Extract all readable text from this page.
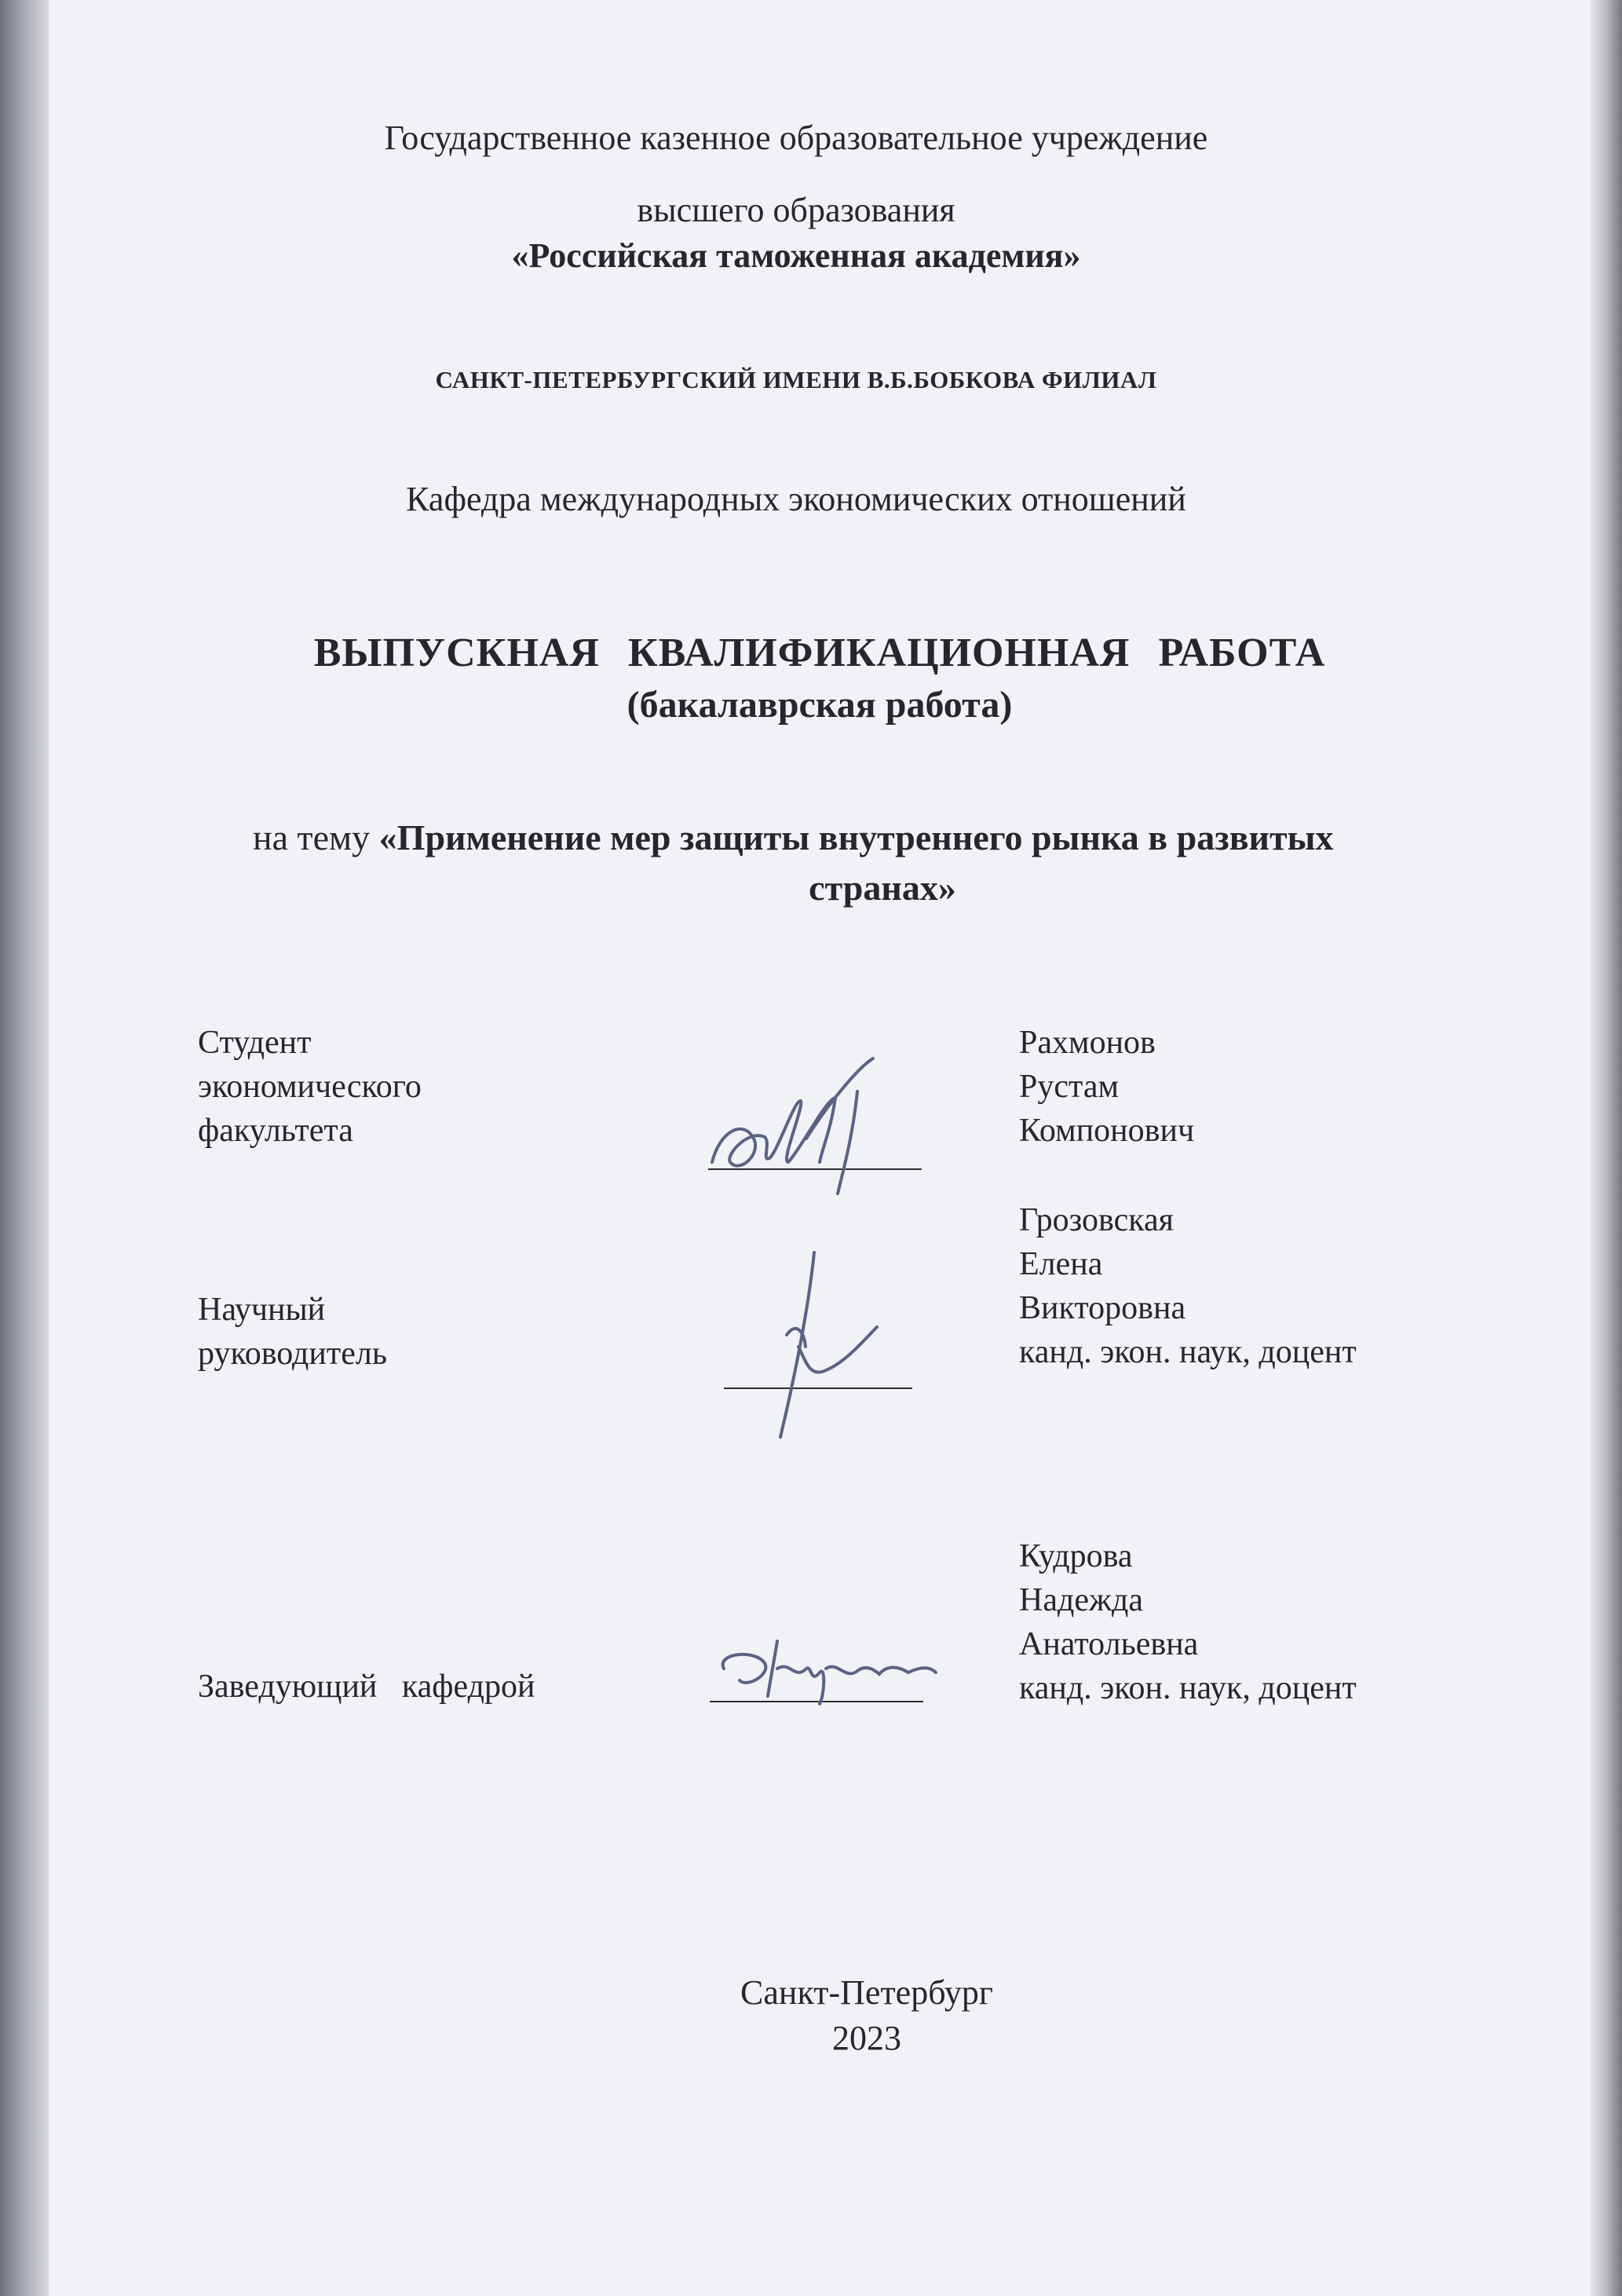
Государственное казенное образовательное учреждение

высшего образования

«Российская таможенная академия»

САНКТ-ПЕТЕРБУРГСКИЙ ИМЕНИ В.Б.БОБКОВА ФИЛИАЛ

Кафедра международных экономических отношений

ВЫПУСКНАЯ КВАЛИФИКАЦИОННАЯ РАБОТА

(бакалаврская работа)

на тему «Применение мер защиты внутреннего рынка в развитых

странах»

Студент
экономического
факультета
Рахмонов
Рустам
Компонович
Научный
руководитель
Грозовская
Елена
Викторовна
канд. экон. наук, доцент

Заведующий   кафедрой

Кудрова
Надежда
Анатольевна
канд. экон. наук, доцент

Санкт-Петербург

2023
